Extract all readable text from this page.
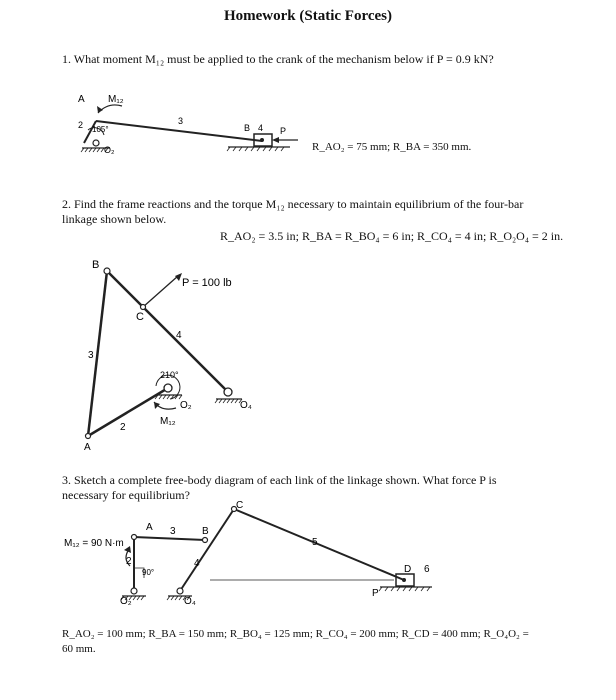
Homework (Static Forces)
1. What moment M₁₂ must be applied to the crank of the mechanism below if P = 0.9 kN?
A M₁₂
2 105°
O₂
3
B 4 P
R_AO₂ = 75 mm; R_BA = 350 mm.
2. Find the frame reactions and the torque M₁₂ necessary to maintain equilibrium of the four-bar
linkage shown below.
R_AO₂ = 3.5 in; R_BA = R_BO₄ = 6 in; R_CO₄ = 4 in; R_O₂O₄ = 2 in.
B
C
P = 100 lb
4
3
210°
O₂	O₄
M₁₂
2
A
3. Sketch a complete free-body diagram of each link of the linkage shown. What force P is
necessary for equilibrium?
M₁₂ = 90 N·m
A 3	B
C
5
2
90°
4
O₂	O₄
D 6
P
R_AO₂ = 100 mm; R_BA = 150 mm; R_BO₄ = 125 mm; R_CO₄ = 200 mm; R_CD = 400 mm; R_O₄O₂ =
60 mm.
